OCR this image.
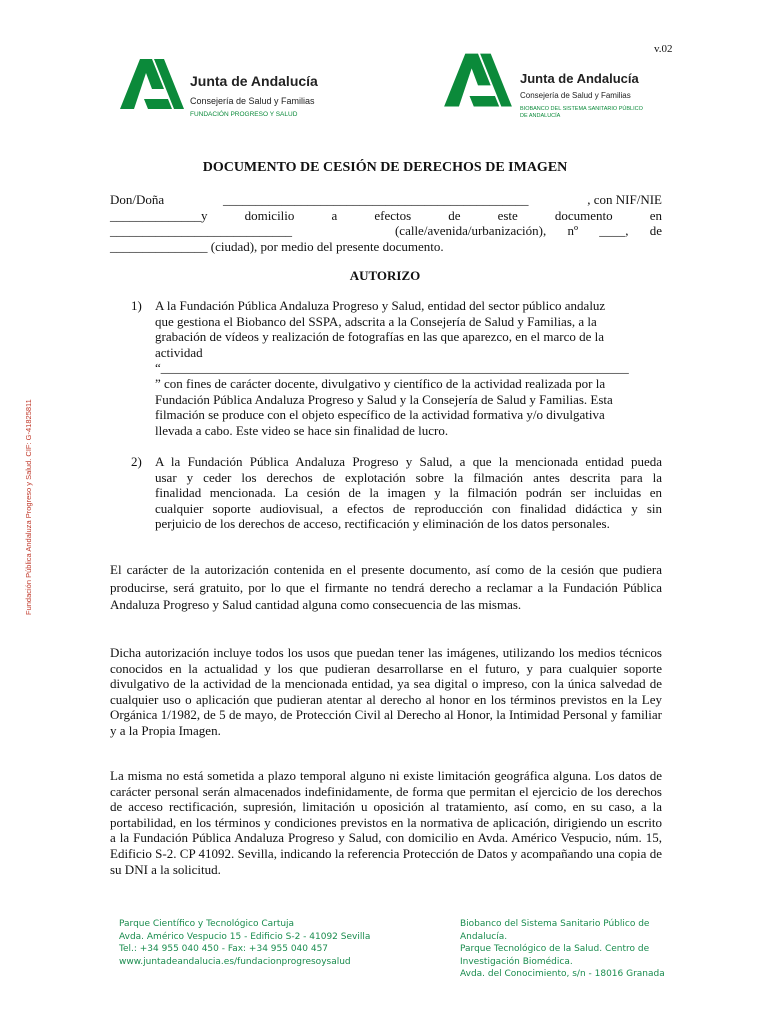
v.02
Junta de Andalucía
Consejería de Salud y Familias
FUNDACIÓN PROGRESO Y SALUD
Junta de Andalucía
Consejería de Salud y Familias
BIOBANCO DEL SISTEMA SANITARIO PÚBLICO
DE ANDALUCÍA
Fundación Pública Andaluza Progreso y Salud. CIF: G-41825811
DOCUMENTO DE CESIÓN DE DERECHOS DE IMAGEN
Don/Doña	_______________________________________________	, con NIF/NIE
______________y domicilio a efectos de este documento en
____________________________	(calle/avenida/urbanización), nº ____, de
_______________ (ciudad), por medio del presente documento.
AUTORIZO
1) A la Fundación Pública Andaluza Progreso y Salud, entidad del sector público andaluz
que gestiona el Biobanco del SSPA, adscrita a la Consejería de Salud y Familias, a la
grabación de vídeos y realización de fotografías en las que aparezco, en el marco de la
actividad
“________________________________________________________________________
” con fines de carácter docente, divulgativo y científico de la actividad realizada por la
Fundación Pública Andaluza Progreso y Salud y la Consejería de Salud y Familias. Esta
filmación se produce con el objeto específico de la actividad formativa y/o divulgativa
llevada a cabo. Este video se hace sin finalidad de lucro.
2) A la Fundación Pública Andaluza Progreso y Salud, a que la mencionada entidad pueda
usar y ceder los derechos de explotación sobre la filmación antes descrita para la
finalidad mencionada. La cesión de la imagen y la filmación podrán ser incluidas en
cualquier soporte audiovisual, a efectos de reproducción con finalidad didáctica y sin
perjuicio de los derechos de acceso, rectificación y eliminación de los datos personales.
El carácter de la autorización contenida en el presente documento, así como de la cesión que pudiera producirse, será gratuito, por lo que el firmante no tendrá derecho a reclamar a la Fundación Pública Andaluza Progreso y Salud cantidad alguna como consecuencia de las mismas.
Dicha autorización incluye todos los usos que puedan tener las imágenes, utilizando los medios técnicos conocidos en la actualidad y los que pudieran desarrollarse en el futuro, y para cualquier soporte divulgativo de la actividad de la mencionada entidad, ya sea digital o impreso, con la única salvedad de cualquier uso o aplicación que pudieran atentar al derecho al honor en los términos previstos en la Ley Orgánica 1/1982, de 5 de mayo, de Protección Civil al Derecho al Honor, la Intimidad Personal y familiar y a la Propia Imagen.
La misma no está sometida a plazo temporal alguno ni existe limitación geográfica alguna. Los datos de carácter personal serán almacenados indefinidamente, de forma que permitan el ejercicio de los derechos de acceso rectificación, supresión, limitación u oposición al tratamiento, así como, en su caso, a la portabilidad, en los términos y condiciones previstos en la normativa de aplicación, dirigiendo un escrito a la Fundación Pública Andaluza Progreso y Salud, con domicilio en Avda. Américo Vespucio, núm. 15, Edificio S-2. CP 41092. Sevilla, indicando la referencia Protección de Datos y acompañando una copia de su DNI a la solicitud.
Parque Científico y Tecnológico Cartuja
Avda. Américo Vespucio 15 - Edificio S-2 - 41092 Sevilla
Tel.: +34 955 040 450 - Fax: +34 955 040 457
www.juntadeandalucia.es/fundacionprogresoysalud
Biobanco del Sistema Sanitario Público de
Andalucía.
Parque Tecnológico de la Salud. Centro de
Investigación Biomédica.
Avda. del Conocimiento, s/n - 18016 Granada
